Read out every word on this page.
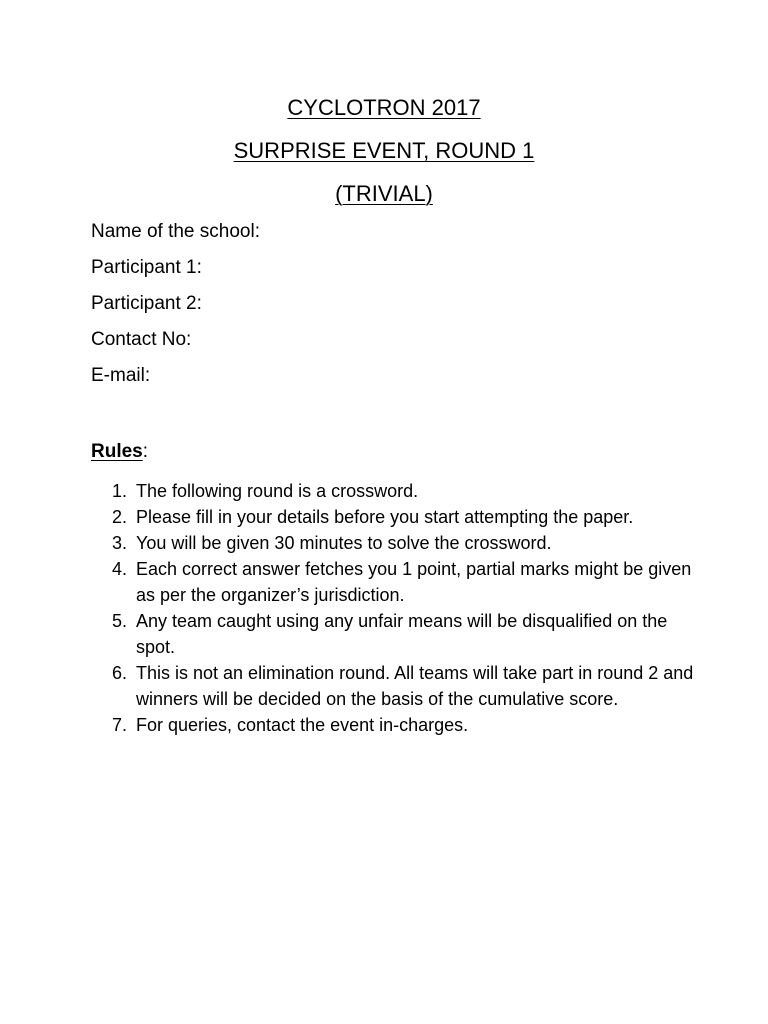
CYCLOTRON 2017
SURPRISE EVENT, ROUND 1
(TRIVIAL)
Name of the school:
Participant 1:
Participant 2:
Contact No:
E-mail:

Rules:

1. The following round is a crossword.
2. Please fill in your details before you start attempting the paper.
3. You will be given 30 minutes to solve the crossword.
4. Each correct answer fetches you 1 point, partial marks might be given as per the organizer’s jurisdiction.
5. Any team caught using any unfair means will be disqualified on the spot.
6. This is not an elimination round. All teams will take part in round 2 and winners will be decided on the basis of the cumulative score.
7. For queries, contact the event in-charges.
